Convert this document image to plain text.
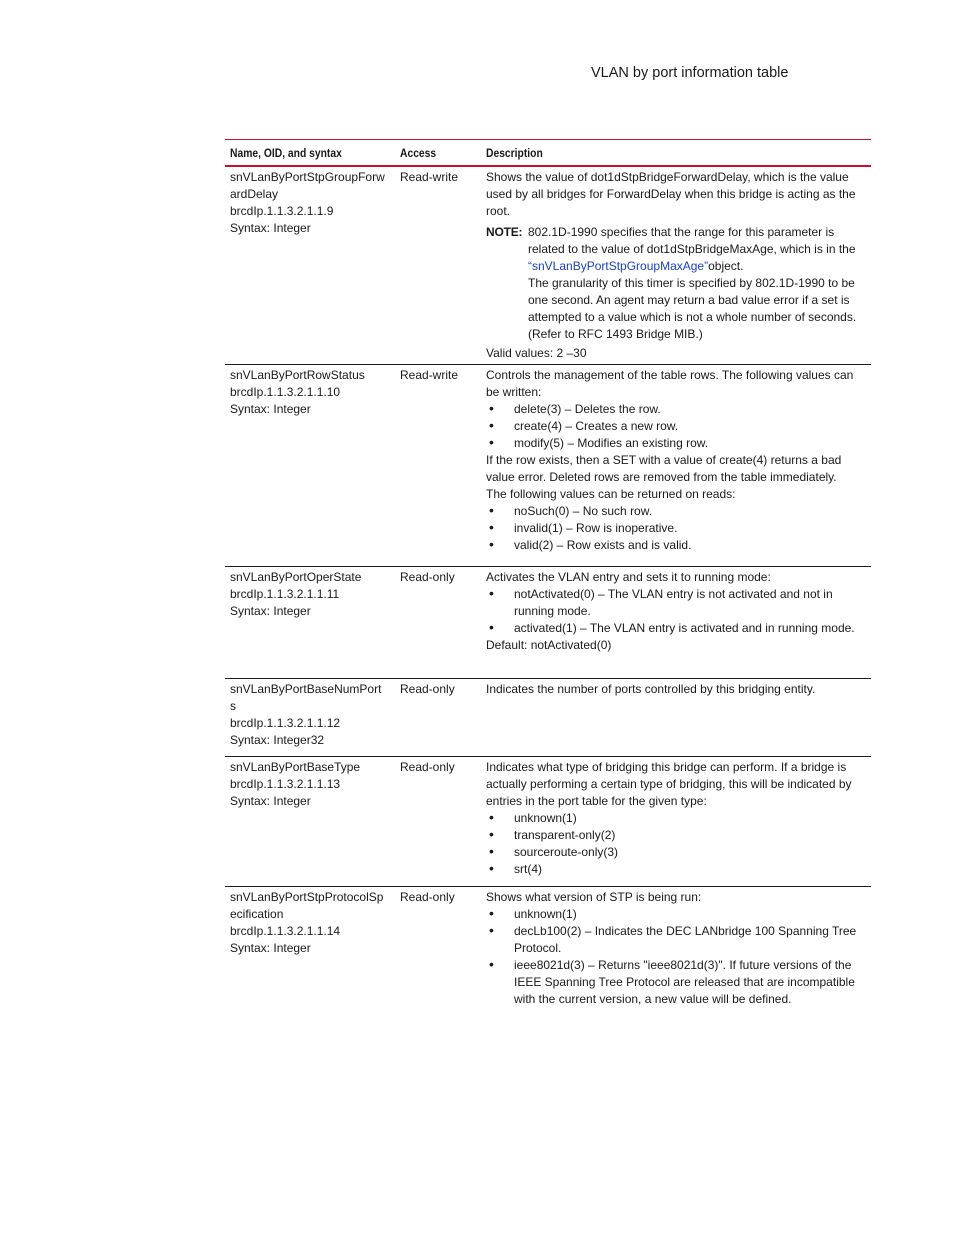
VLAN by port information table
Name, OID, and syntax	Access	Description
snVLanByPortStpGroupForw
ardDelay
brcdIp.1.1.3.2.1.1.9
Syntax: Integer
Read-write	Shows the value of dot1dStpBridgeForwardDelay, which is the value used by all bridges for ForwardDelay when this bridge is acting as the root.

NOTE: 802.1D-1990 specifies that the range for this parameter is related to the value of dot1dStpBridgeMaxAge, which is in the “snVLanByPortStpGroupMaxAge”object.

The granularity of this timer is specified by 802.1D-1990 to be one second. An agent may return a bad value error if a set is attempted to a value which is not a whole number of seconds. (Refer to RFC 1493 Bridge MIB.)

Valid values: 2 –30

snVLanByPortRowStatus
brcdIp.1.1.3.2.1.1.10
Syntax: Integer
Read-write	Controls the management of the table rows. The following values can be written:

• delete(3) – Deletes the row.
• create(4) – Creates a new row.
• modify(5) – Modifies an existing row.

If the row exists, then a SET with a value of create(4) returns a bad value error. Deleted rows are removed from the table immediately.

The following values can be returned on reads:

• noSuch(0) – No such row.
• invalid(1) – Row is inoperative.
• valid(2) – Row exists and is valid.
snVLanByPortOperState
brcdIp.1.1.3.2.1.1.11
Syntax: Integer
Read-only	Activates the VLAN entry and sets it to running mode:

• notActivated(0) – The VLAN entry is not activated and not in running mode.
• activated(1) – The VLAN entry is activated and in running mode.

Default: notActivated(0)

snVLanByPortBaseNumPort
s
brcdIp.1.1.3.2.1.1.12
Syntax: Integer32
Read-only	Indicates the number of ports controlled by this bridging entity.

snVLanByPortBaseType
brcdIp.1.1.3.2.1.1.13
Syntax: Integer
Read-only	Indicates what type of bridging this bridge can perform. If a bridge is actually performing a certain type of bridging, this will be indicated by entries in the port table for the given type:

• unknown(1)
• transparent-only(2)
• sourceroute-only(3)
• srt(4)
snVLanByPortStpProtocolSp
ecification
brcdIp.1.1.3.2.1.1.14
Syntax: Integer
Read-only	Shows what version of STP is being run:

• unknown(1)
• decLb100(2) – Indicates the DEC LANbridge 100 Spanning Tree Protocol.
• ieee8021d(3) – Returns "ieee8021d(3)". If future versions of the IEEE Spanning Tree Protocol are released that are incompatible with the current version, a new value will be defined.
